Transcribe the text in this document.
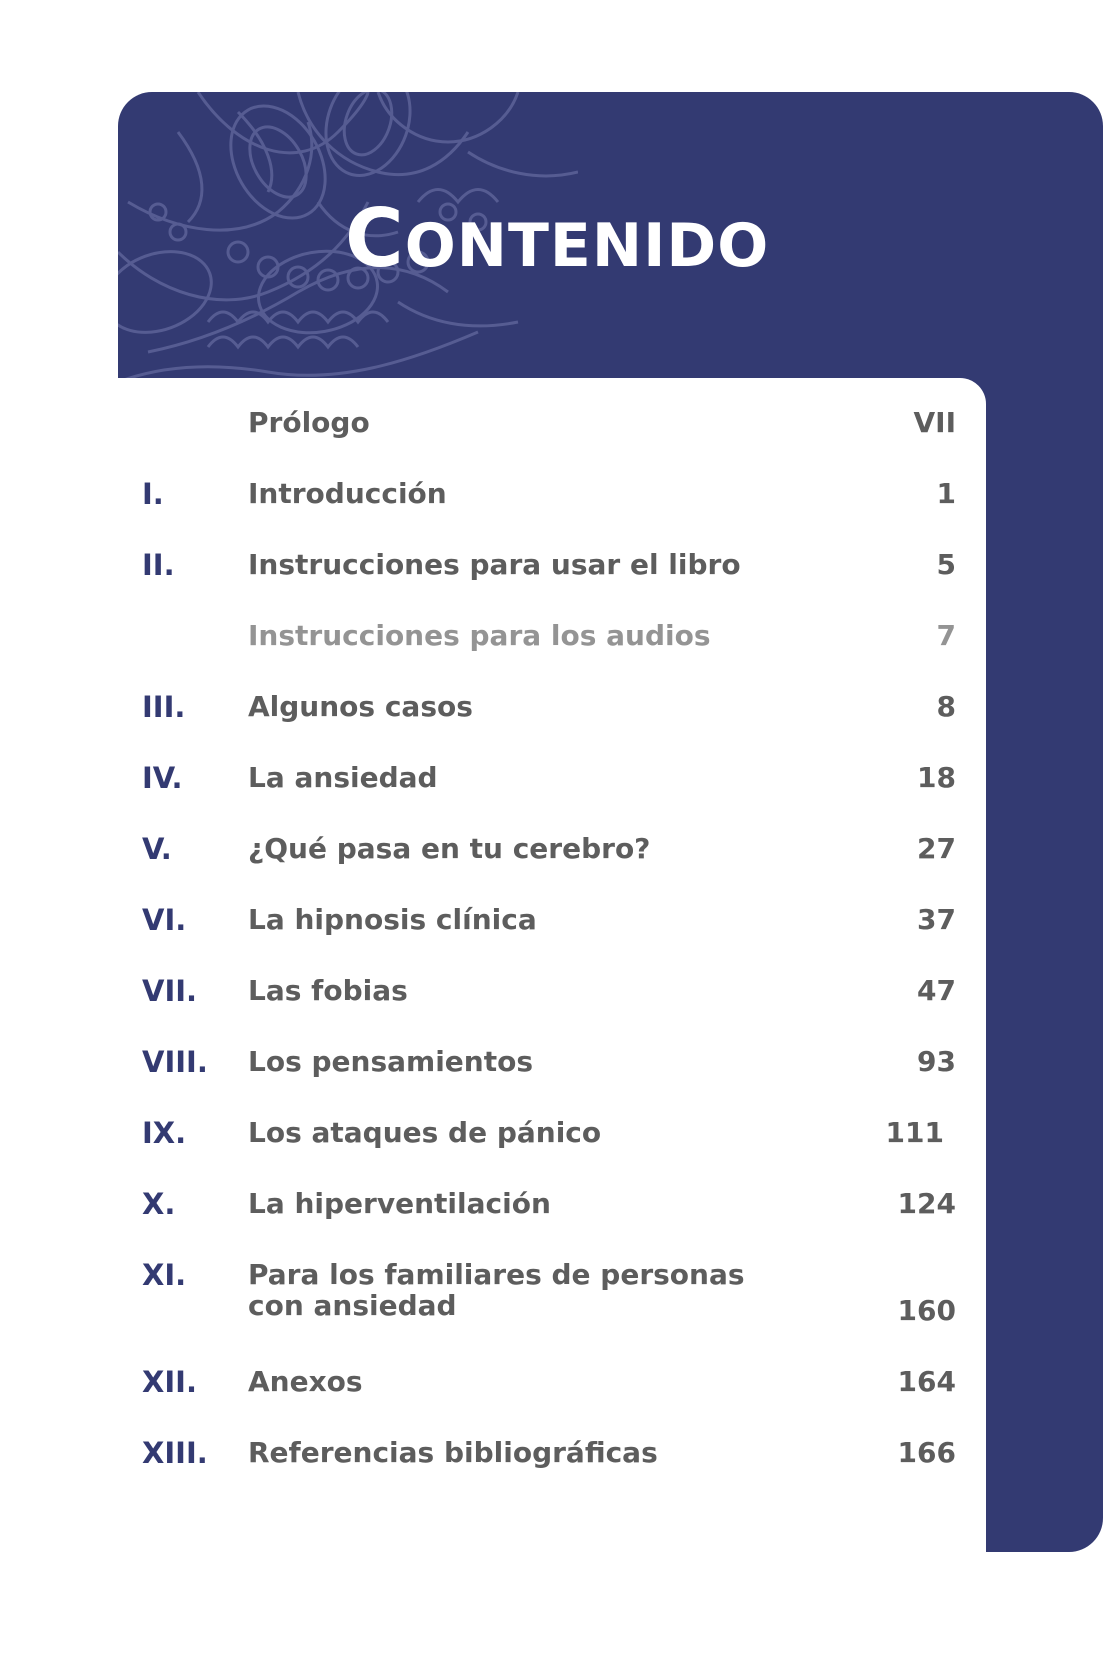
CONTENIDO
Prólogo	VII
I.	Introducción	1
II.	Instrucciones para usar el libro	5
Instrucciones para los audios	7
III. Algunos casos	8
IV. La ansiedad	18
V.	¿Qué pasa en tu cerebro?	27
VI. La hipnosis clínica	37
VII. Las fobias	47
VIII. Los pensamientos	93
IX. Los ataques de pánico	111
X.	La hiperventilación	124
XI. Para los familiares de personas
con ansiedad	160
XII. Anexos	164
XIII. Referencias bibliográficas	166
